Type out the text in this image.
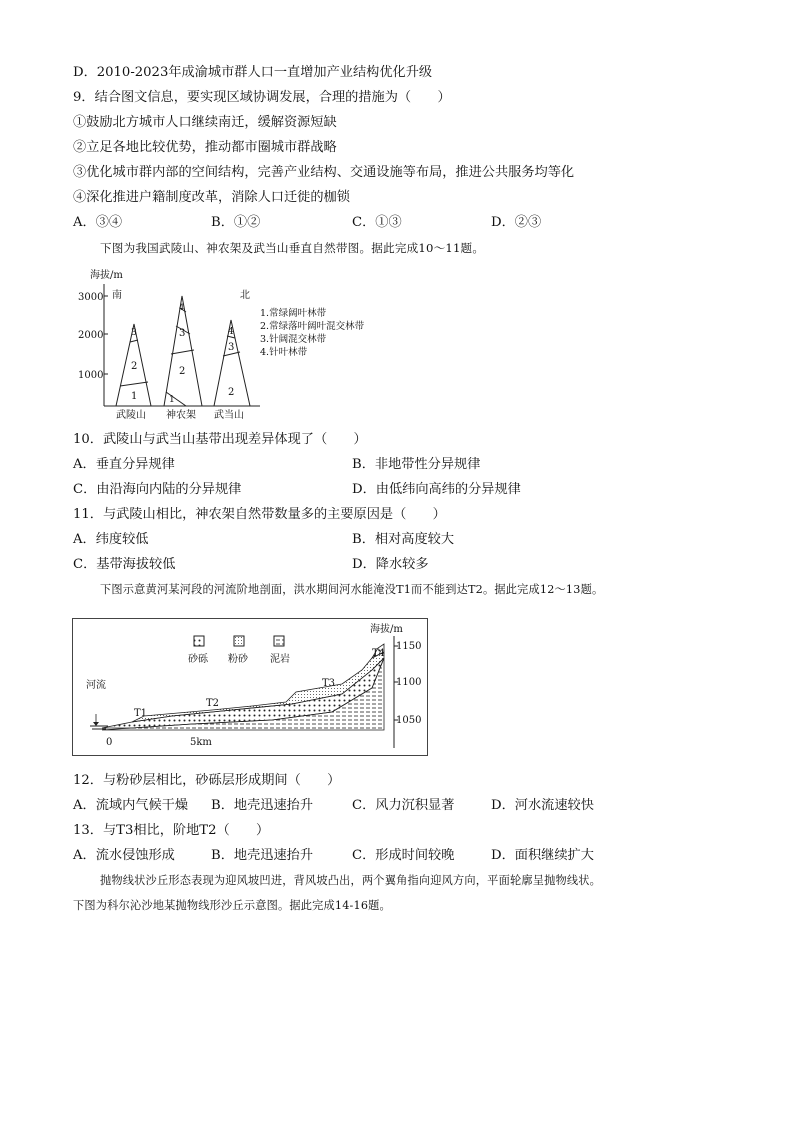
D．2010-2023年成渝城市群人口一直增加产业结构优化升级
9．结合图文信息，要实现区域协调发展，合理的措施为（　　）
①鼓励北方城市人口继续南迁，缓解资源短缺
②立足各地比较优势，推动都市圈城市群战略
③优化城市群内部的空间结构，完善产业结构、交通设施等布局，推进公共服务均等化
④深化推进户籍制度改革，消除人口迁徙的枷锁
A．③④	B．①②	C．①③	D．②③
下图为我国武陵山、神农架及武当山垂直自然带图。据此完成10～11题。
海拔/m
3000
2000
1000
南	北
3
2
1
4
3
2
1
4
3
2
武陵山 神农架 武当山
1.常绿阔叶林带
2.常绿落叶阔叶混交林带
3.针阔混交林带
4.针叶林带
10．武陵山与武当山基带出现差异体现了（　　）
A．垂直分异规律	B．非地带性分异规律
C．由沿海向内陆的分异规律	D．由低纬向高纬的分异规律
11．与武陵山相比，神农架自然带数量多的主要原因是（　　）
A．纬度较低	B．相对高度较大
C．基带海拔较低	D．降水较多
下图示意黄河某河段的河流阶地剖面，洪水期间河水能淹没T1而不能到达T2。据此完成12～13题。
砂砾 粉砂 泥岩
海拔/m
1150
1100
1050
河流
T1
T2
T3
T4
0	5km
12．与粉砂层相比，砂砾层形成期间（　　）
A．流域内气候干燥 B．地壳迅速抬升	C．风力沉积显著	D．河水流速较快
13．与T3相比，阶地T2（　　）
A．流水侵蚀形成	B．地壳迅速抬升	C．形成时间较晚	D．面积继续扩大
抛物线状沙丘形态表现为迎风坡凹进，背风坡凸出，两个翼角指向迎风方向，平面轮廓呈抛物线状。
下图为科尔沁沙地某抛物线形沙丘示意图。据此完成14-16题。
